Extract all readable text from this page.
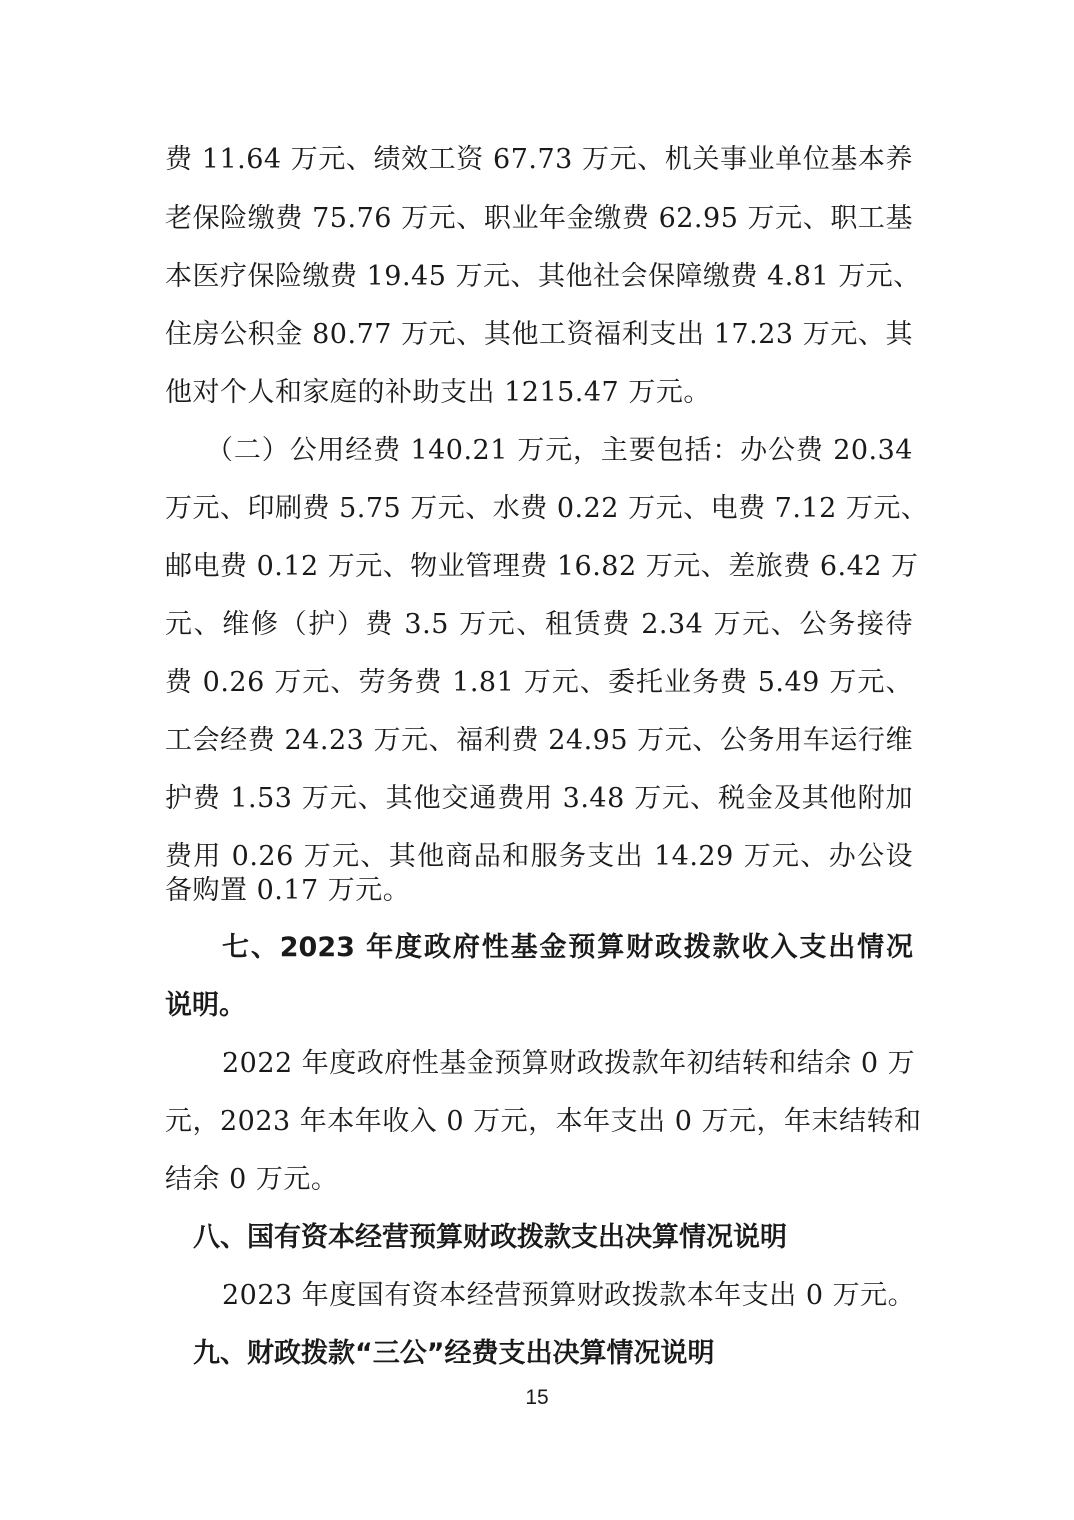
费 11.64 万元、绩效工资 67.73 万元、机关事业单位基本养
老保险缴费 75.76 万元、职业年金缴费 62.95 万元、职工基
本医疗保险缴费 19.45 万元、其他社会保障缴费 4.81 万元、
住房公积金 80.77 万元、其他工资福利支出 17.23 万元、其
他对个人和家庭的补助支出 1215.47 万元。
（二）公用经费 140.21 万元，主要包括：办公费 20.34
万元、印刷费 5.75 万元、水费 0.22 万元、电费 7.12 万元、
邮电费 0.12 万元、物业管理费 16.82 万元、差旅费 6.42 万
元、维修（护）费 3.5 万元、租赁费 2.34 万元、公务接待
费 0.26 万元、劳务费 1.81 万元、委托业务费 5.49 万元、
工会经费 24.23 万元、福利费 24.95 万元、公务用车运行维
护费 1.53 万元、其他交通费用 3.48 万元、税金及其他附加
费用 0.26 万元、其他商品和服务支出 14.29 万元、办公设
备购置 0.17 万元。
七、2023 年度政府性基金预算财政拨款收入支出情况
说明。
2022 年度政府性基金预算财政拨款年初结转和结余 0 万
元，2023 年本年收入 0 万元，本年支出 0 万元，年末结转和
结余 0 万元。
八、国有资本经营预算财政拨款支出决算情况说明
2023 年度国有资本经营预算财政拨款本年支出 0 万元。
九、财政拨款“三公”经费支出决算情况说明
15
